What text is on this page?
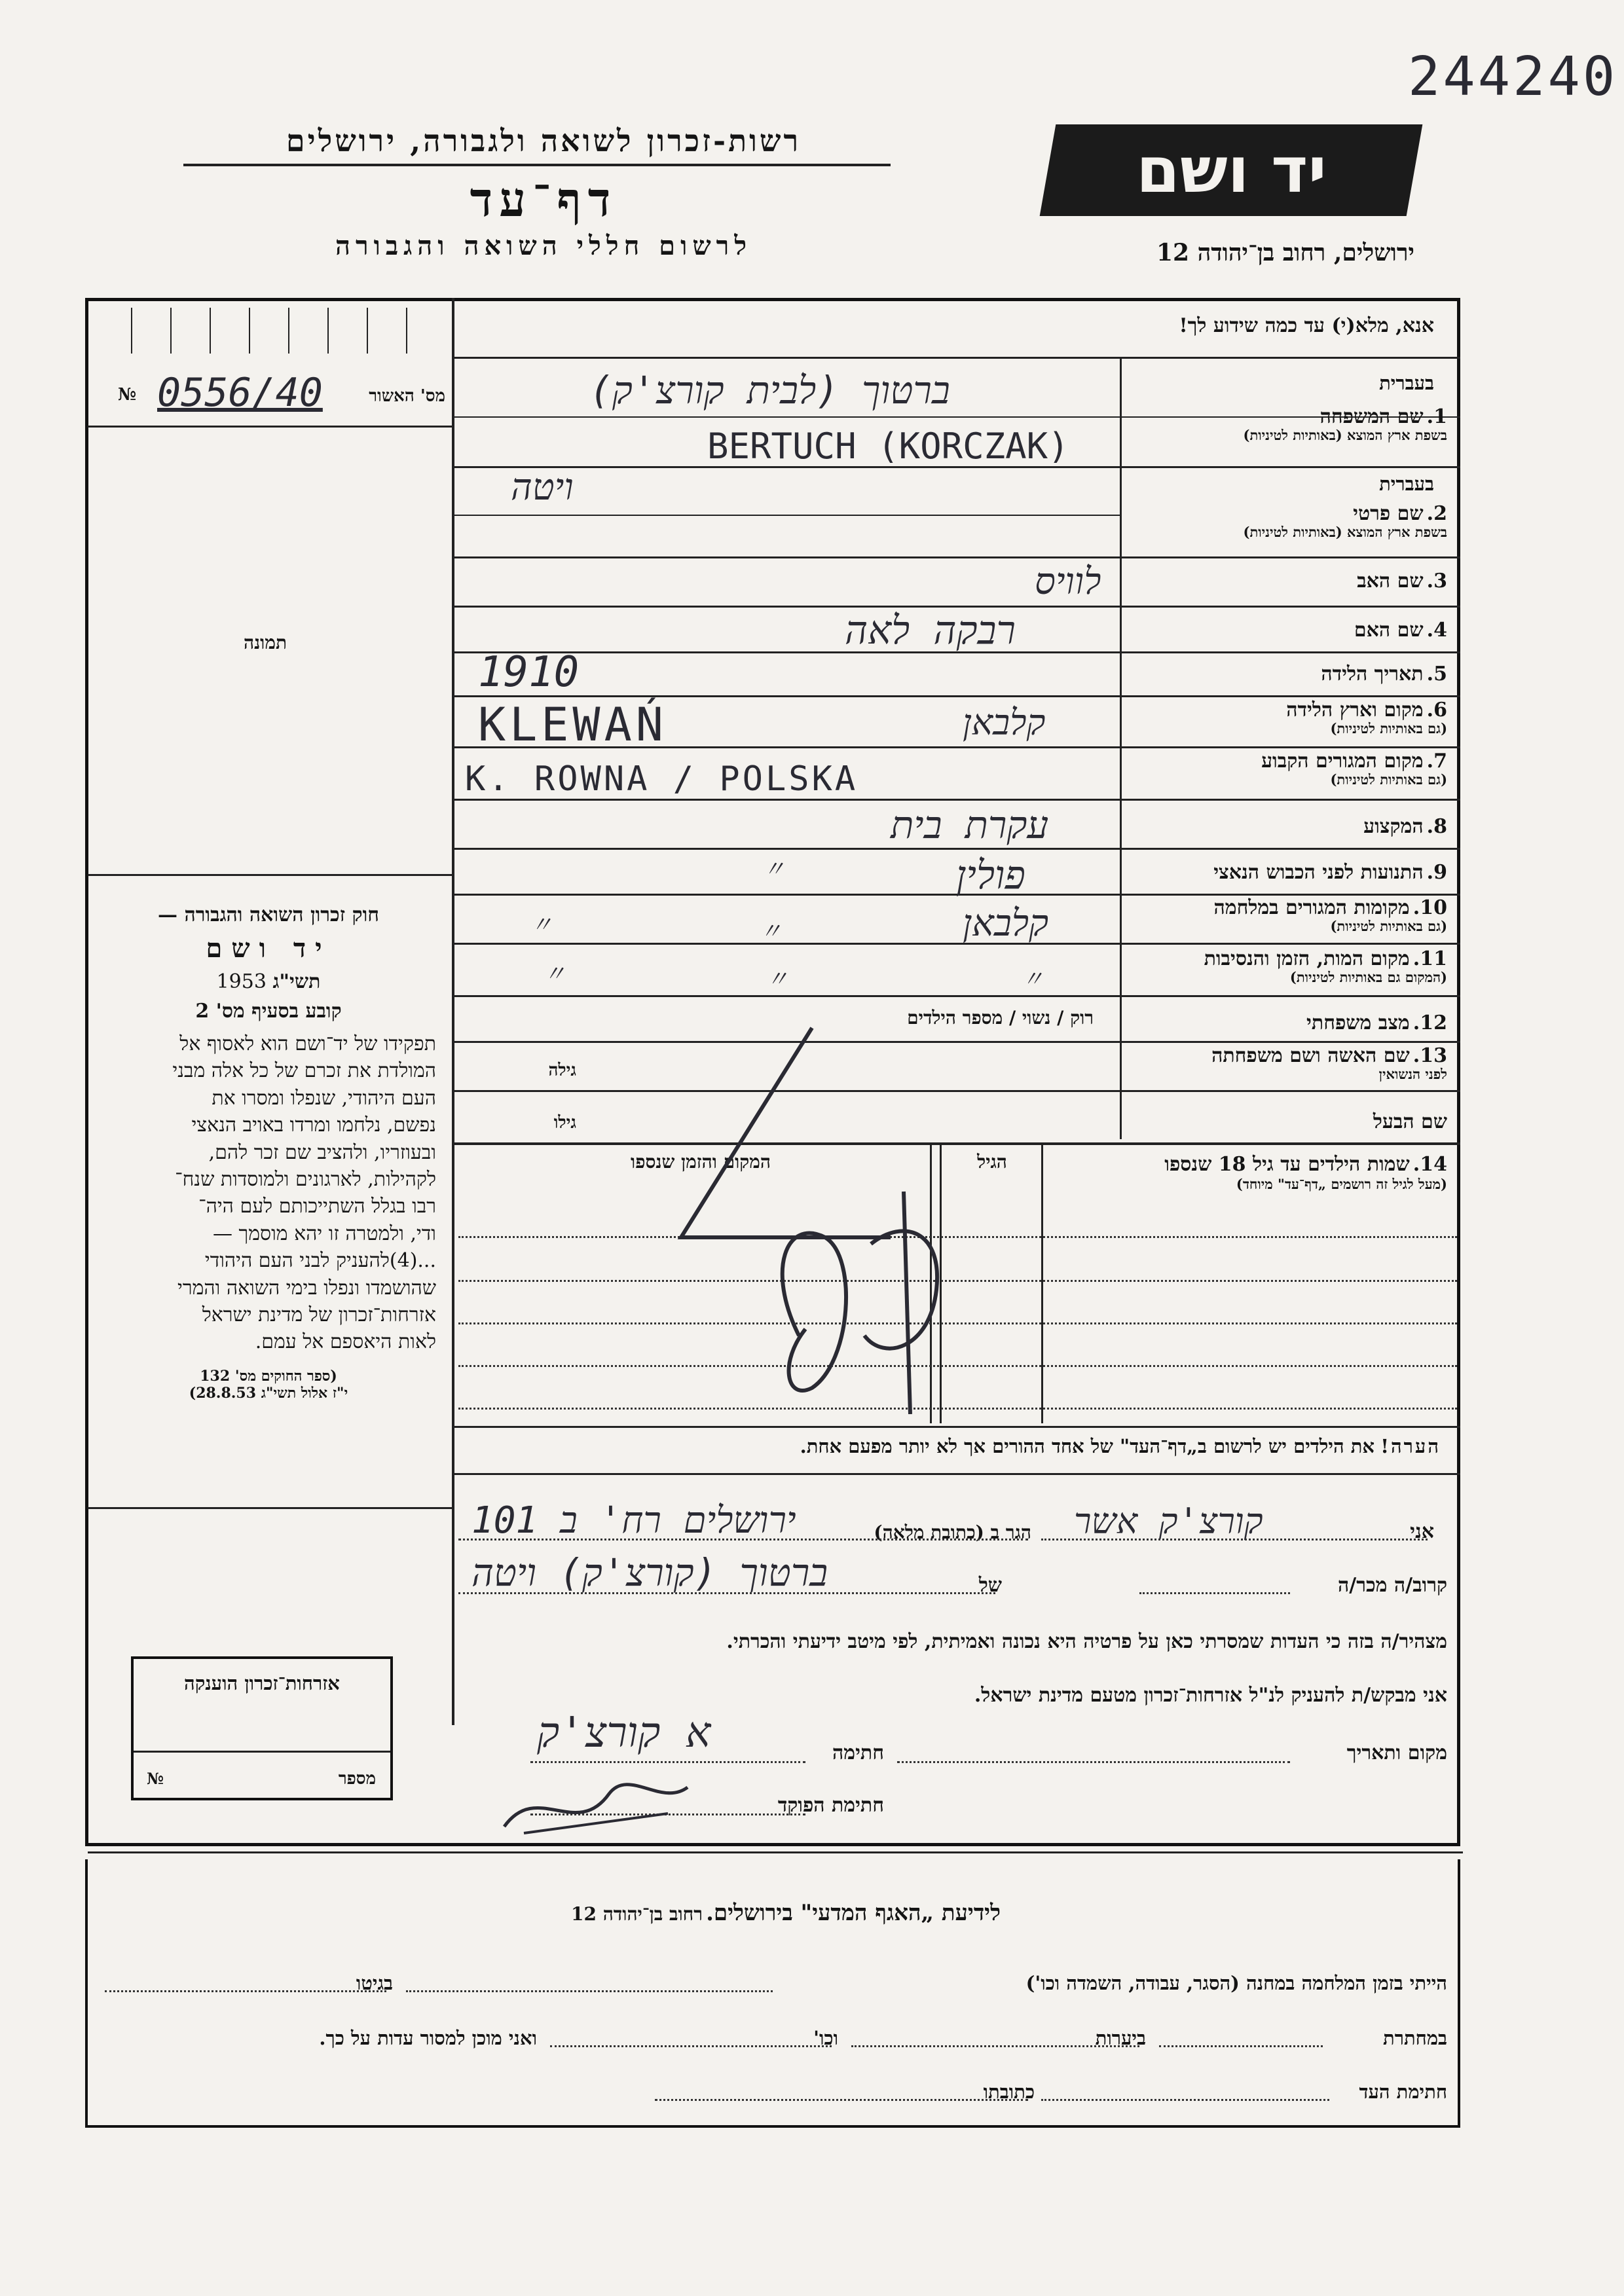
244240
יד ושם
רשות-זכרון לשואה ולגבורה, ירושלים
דף־עד
לרשום חללי השואה והגבורה	ירושלים, רחוב בן־יהודה 12
אנא, מלא(י) עד כמה שידוע לך!
№ 0556/40	מס' האשור
תמונה
בעברית
1. שם המשפחה
בשפת ארץ המוצא (באותיות לטיניות)
ברטוך (לבית קורצ'ק)
BERTUCH (KORCZAK)
בעברית
2. שם פרטי
בשפת ארץ המוצא (באותיות לטיניות)
ויטה
3. שם האב
לוויס
4. שם האם
רבקה לאה
5. תאריך הלידה
1910
6. מקום וארץ הלידה
(גם באותיות לטיניות)
KLEWAŃ	קלבאן
7. מקום המגורים הקבוע
(גם באותיות לטיניות)
K. ROWNA / POLSKA
8. המקצוע
עקרת בית
9. התנועות לפני הכבוש הנאצי
〃	פולין
10. מקומות המגורים במלחמה
(גם באותיות לטיניות)
〃	〃	קלבאן
11. מקום המות, הזמן והנסיבות
(המקום גם באותיות לטיניות)
〃	〃	〃
12. מצב משפחתי
רוק / נשוי / מספר הילדים
13. שם האשה ושם משפחתה
לפני הנשואין
גילה
שם הבעל
גילו
14. שמות הילדים עד גיל 18 שנספו
(מעל לגיל זה רושמים „דף־עד" מיוחד)
הגיל
המקום והזמן שנספו
הערה! את הילדים יש לרשום ב„דף־העד" של אחד ההורים אך לא יותר מפעם אחת.
חוק זכרון השואה והגבורה —
יד ושם
תשי"ג 1953
קובע בסעיף מס' 2
תפקידו של יד־ושם הוא לאסוף אל
המולדת את זכרם של כל אלה מבני
העם היהודי, שנפלו ומסרו את
נפשם, נלחמו ומרדו באויב הנאצי
ובעוזריו, ולהציב שם זכר להם,
לקהילות, לארגונים ולמוסדות שנח־
רבו בגלל השתייכותם לעם היה־
ודי, ולמטרה זו יהא מוסמך —
...(4)להעניק לבני העם היהודי
שהושמדו ונפלו בימי השואה והמרי
אזרחות־זכרון של מדינת ישראל
לאות היאספם אל עמם.
(ספר החוקים מס' 132
י"ז אלול תשי"ג 28.8.53)
אני
קורצ'ק אשר
הגר ב (כתובת מלאה)
ירושלים רח' ב 101
קרוב/ה מכר/ה
של
ברטוך (קורצ'ק) ויטה
מצהיר/ה בזה כי העדות שמסרתי כאן על פרטיה היא נכונה ואמיתית, לפי מיטב ידיעתי והכרתי.
אני מבקש/ת להעניק לנ"ל אזרחות־זכרון מטעם מדינת ישראל.
מקום ותאריך
חתימה
א קורצ'ק
חתימת הפוקד
אזרחות־זכרון הוענקה
מספר
№
לידיעת „האגף המדעי" בירושלים. רחוב בן־יהודה 12
הייתי בזמן המלחמה במחנה (הסגר, עבודה, השמדה וכו')
בגיטו
במחתרת
ביערות
וכו'
ואני מוכן למסור עדות על כך.
חתימת העד
כתובתו
